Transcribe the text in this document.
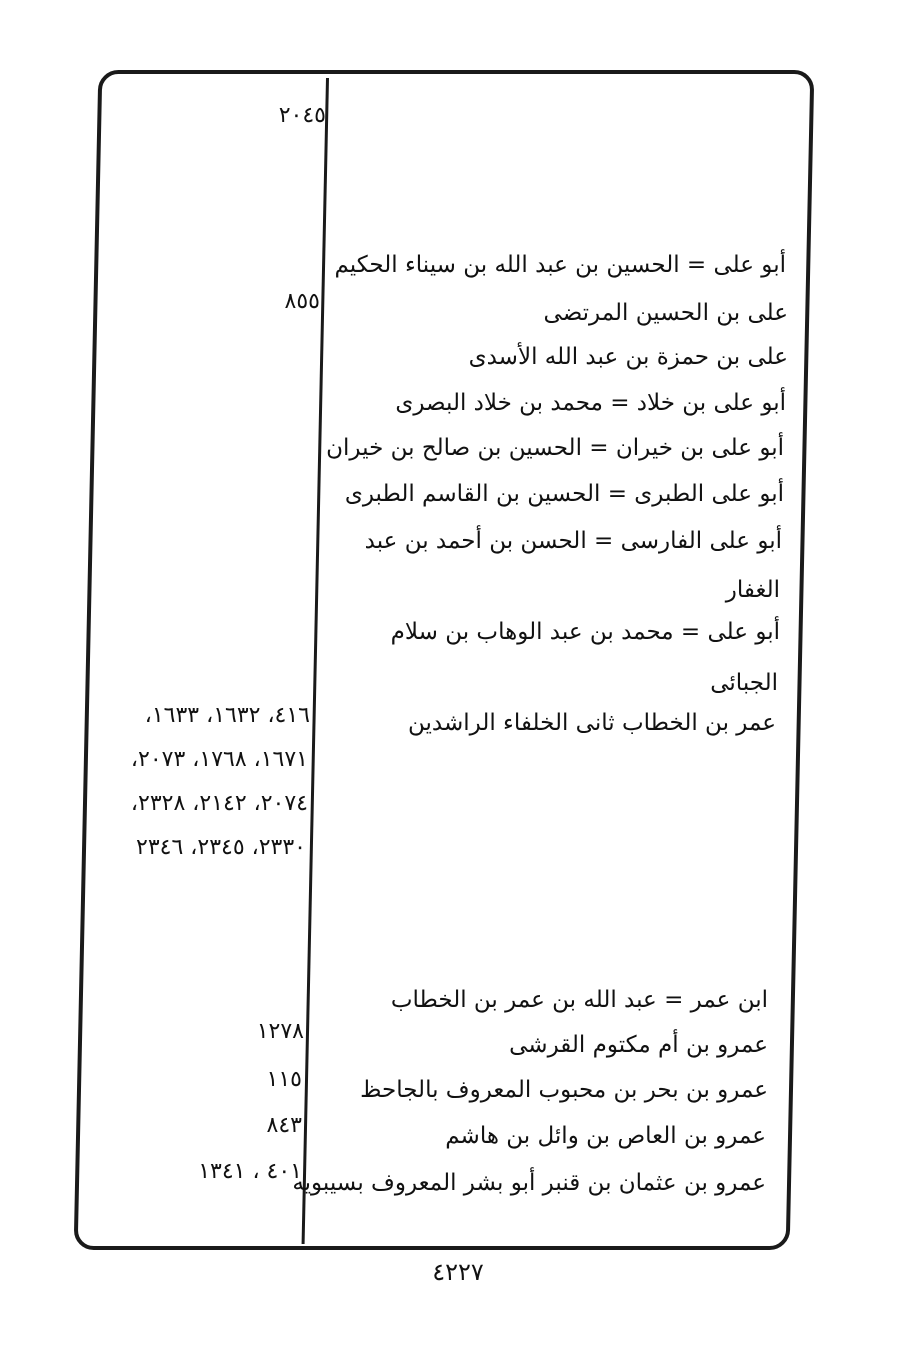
أبو على = الحسين بن عبد الله بن سيناء الحكيم
على بن الحسين المرتضى
على بن حمزة بن عبد الله الأسدى
أبو على بن خلاد = محمد بن خلاد البصرى
أبو على بن خيران = الحسين بن صالح بن خيران
أبو على الطبرى = الحسين بن القاسم الطبرى
أبو على الفارسى = الحسن بن أحمد بن عبد
الغفار
أبو على = محمد بن عبد الوهاب بن سلام
الجبائى
عمر بن الخطاب ثانى الخلفاء الراشدين
ابن عمر = عبد الله بن عمر بن الخطاب
عمرو بن أم مكتوم القرشى
عمرو بن بحر بن محبوب المعروف بالجاحظ
عمرو بن العاص بن وائل بن هاشم
عمرو بن عثمان بن قنبر أبو بشر المعروف بسيبويه
٢٠٤٥
٨٥٥
٤١٦، ١٦٣٢، ١٦٣٣،
١٦٧١، ١٧٦٨، ٢٠٧٣،
٢٠٧٤، ٢١٤٢، ٢٣٢٨،
٢٣٣٠، ٢٣٤٥، ٢٣٤٦
١٢٧٨
١١٥
٨٤٣
٤٠١ ، ١٣٤١
٤٢٢٧
